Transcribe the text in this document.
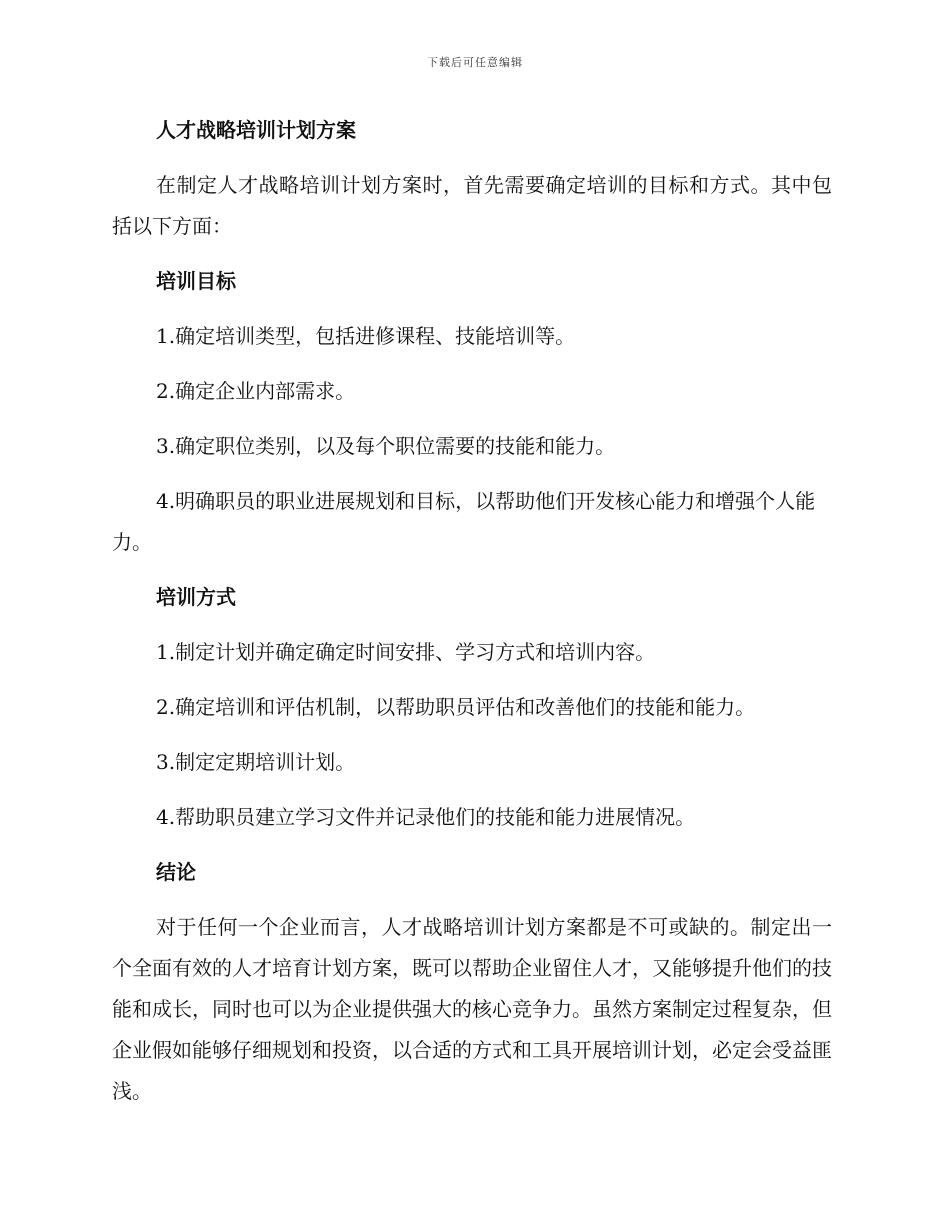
下载后可任意编辑
人才战略培训计划方案

在制定人才战略培训计划方案时，首先需要确定培训的目标和方式。其中包括以下方面：

培训目标

1.确定培训类型，包括进修课程、技能培训等。

2.确定企业内部需求。

3.确定职位类别，以及每个职位需要的技能和能力。

4.明确职员的职业进展规划和目标，以帮助他们开发核心能力和增强个人能力。

培训方式

1.制定计划并确定确定时间安排、学习方式和培训内容。

2.确定培训和评估机制，以帮助职员评估和改善他们的技能和能力。

3.制定定期培训计划。

4.帮助职员建立学习文件并记录他们的技能和能力进展情况。

结论

对于任何一个企业而言，人才战略培训计划方案都是不可或缺的。制定出一个全面有效的人才培育计划方案，既可以帮助企业留住人才，又能够提升他们的技能和成长，同时也可以为企业提供强大的核心竞争力。虽然方案制定过程复杂，但企业假如能够仔细规划和投资，以合适的方式和工具开展培训计划，必定会受益匪浅。
